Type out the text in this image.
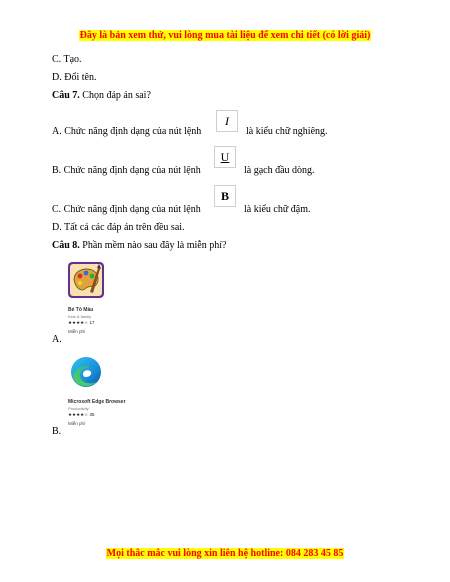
Đây là bản xem thử, vui lòng mua tài liệu để xem chi tiết (có lời giải)
C. Tạo.
D. Đổi tên.
Câu 7. Chọn đáp án sai?
A. Chức năng định dạng của nút lệnh
I
là kiểu chữ nghiêng.
B. Chức năng định dạng của nút lệnh
U
là gạch đầu dòng.
C. Chức năng định dạng của nút lệnh
B
là kiểu chữ đậm.
D. Tất cả các đáp án trên đều sai.
Câu 8. Phần mềm nào sau đây là miễn phí?
Bé Tô Màu
Kids & family
★★★★☆ 17
Miễn phí
A.
Microsoft Edge Browser
Productivity
★★★★☆ 35
Miễn phí
B.
Mọi thắc mắc vui lòng xin liên hệ hotline: 084 283 45 85
